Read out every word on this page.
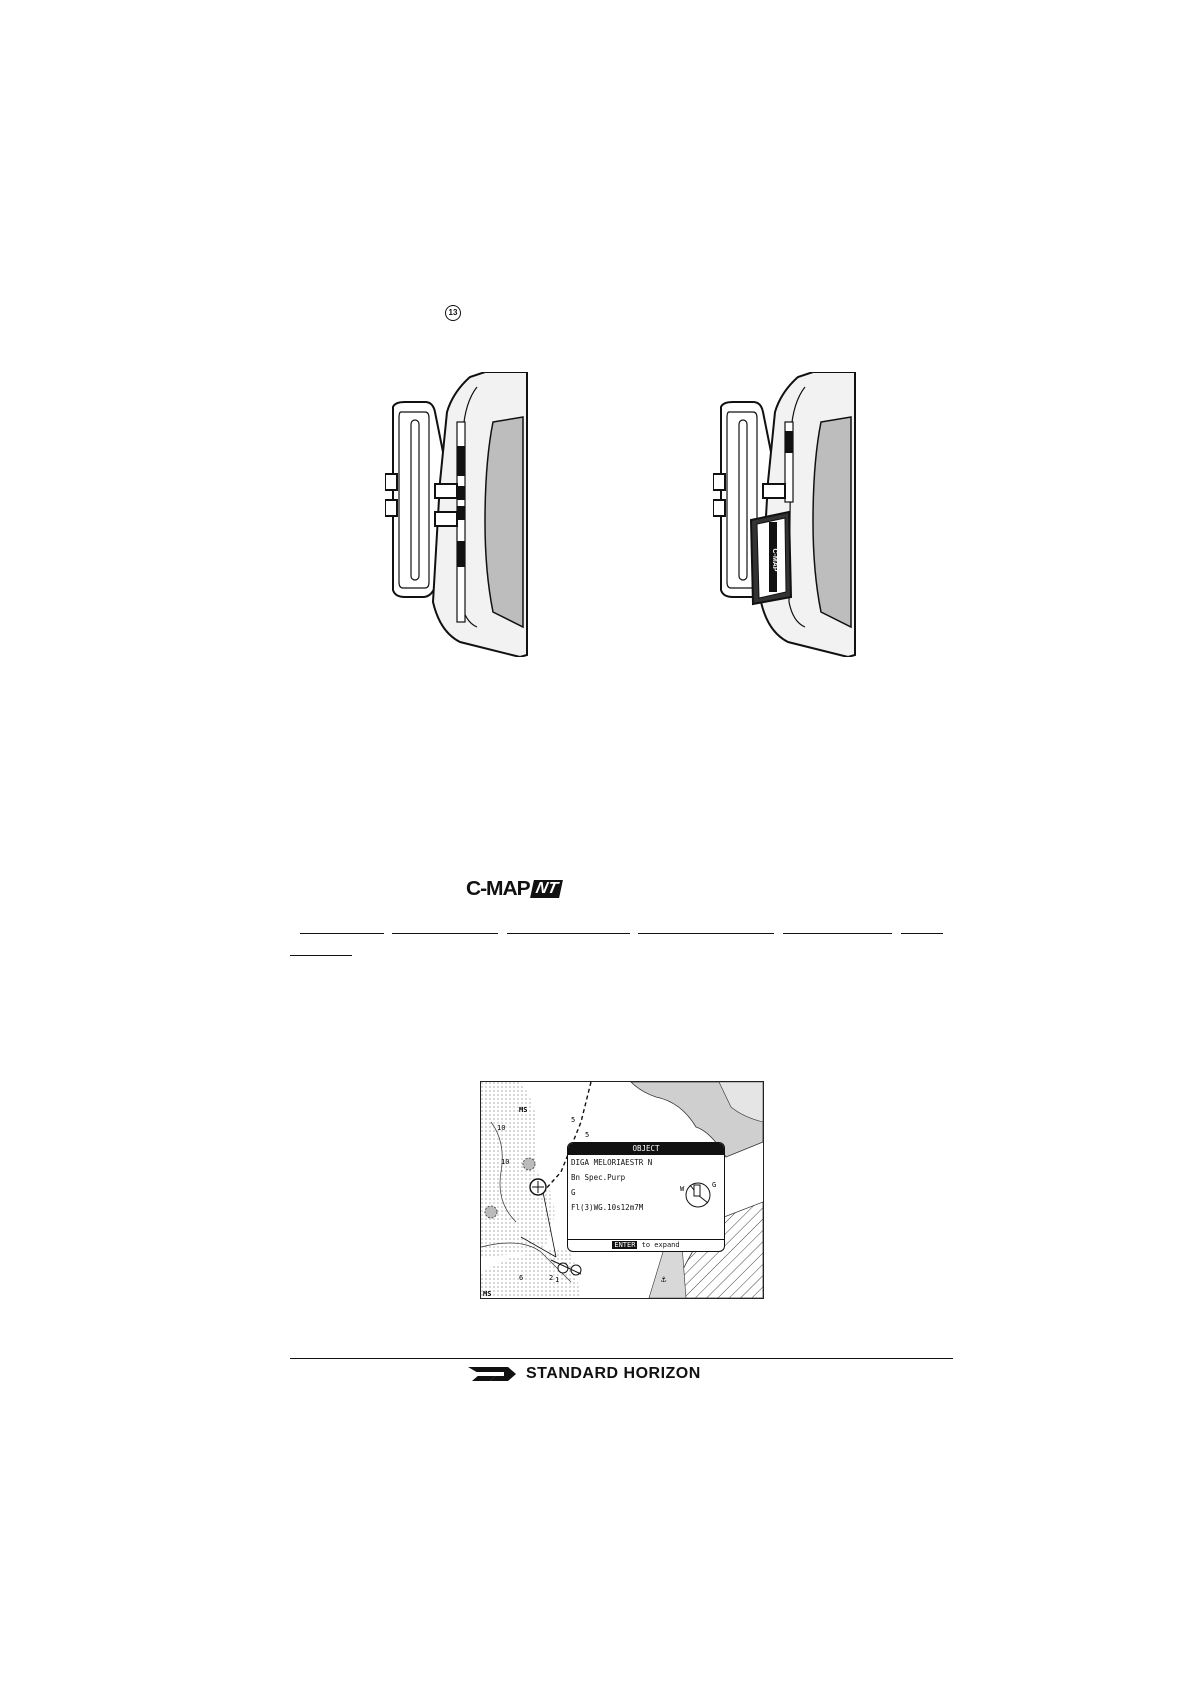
13
C-MAP
C-MAP NT
MS
MS
10
10
5
5
2 1
6	⚓
OBJECT
DIGA MELORIAESTR N
Bn Spec.Purp
G
Fl(3)WG.10s12m7M
W	G
ENTER to expand
STANDARD HORIZON
